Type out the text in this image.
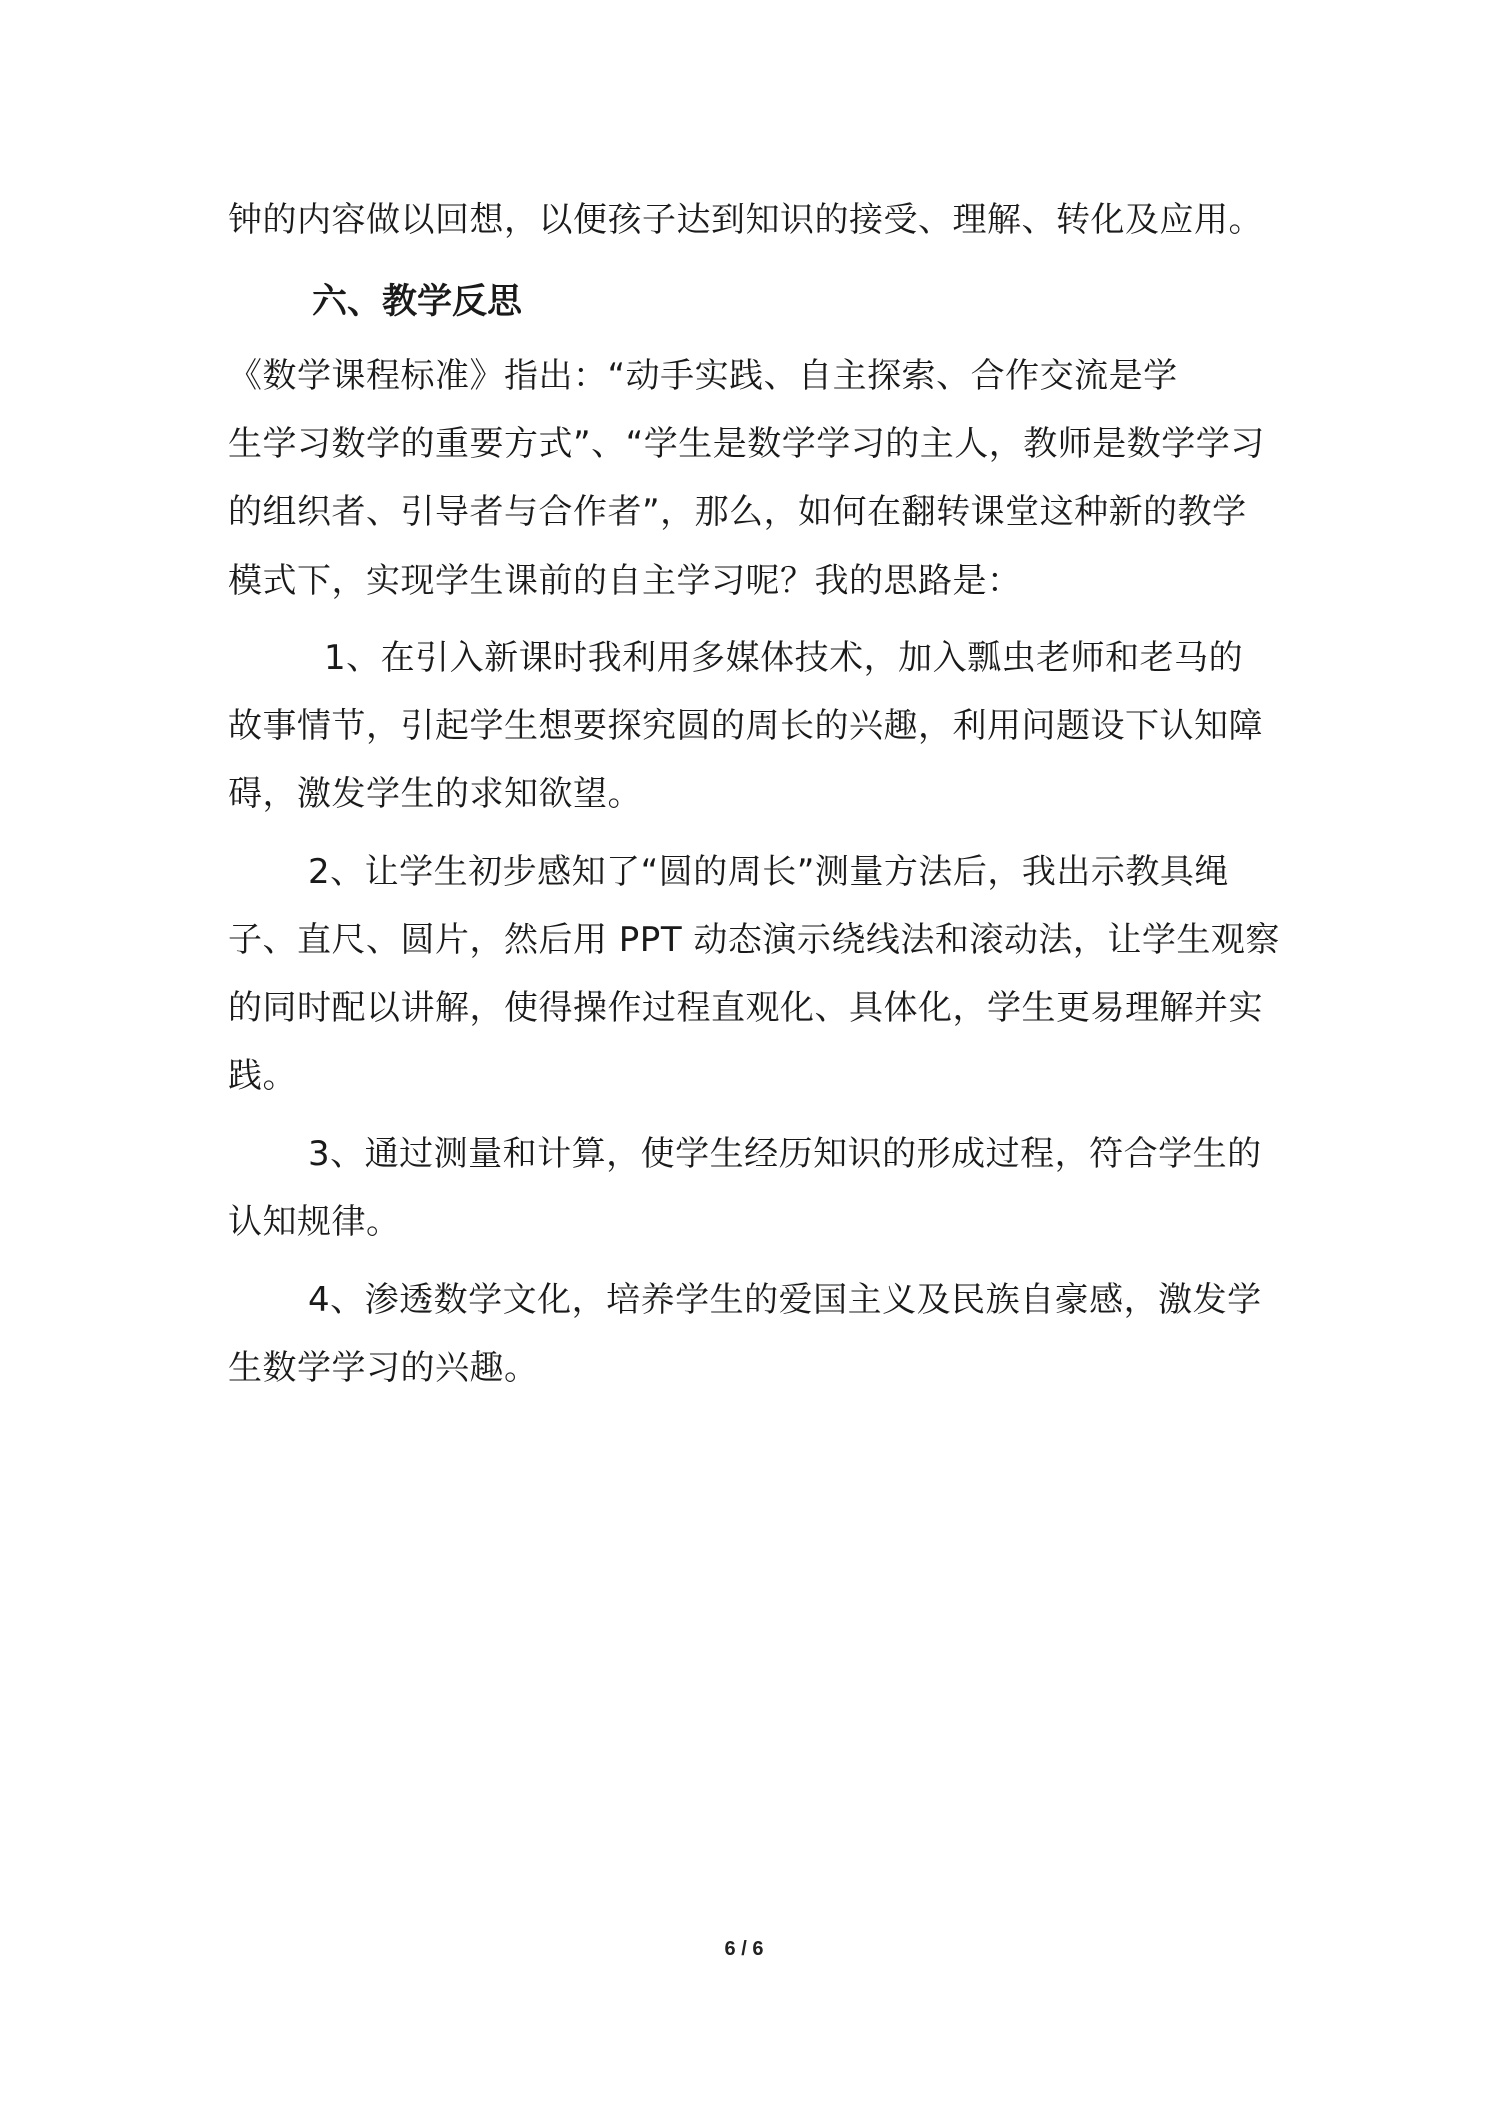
钟的内容做以回想，以便孩子达到知识的接受、理解、转化及应用。
六、教学反思
《数学课程标准》指出：“动手实践、自主探索、合作交流是学
生学习数学的重要方式”、“学生是数学学习的主人，教师是数学学习
的组织者、引导者与合作者”，那么，如何在翻转课堂这种新的教学
模式下，实现学生课前的自主学习呢？我的思路是：
1、在引入新课时我利用多媒体技术，加入瓢虫老师和老马的
故事情节，引起学生想要探究圆的周长的兴趣，利用问题设下认知障
碍，激发学生的求知欲望。
2、让学生初步感知了“圆的周长”测量方法后，我出示教具绳
子、直尺、圆片，然后用 PPT 动态演示绕线法和滚动法，让学生观察
的同时配以讲解，使得操作过程直观化、具体化，学生更易理解并实
践。
3、通过测量和计算，使学生经历知识的形成过程，符合学生的
认知规律。
4、渗透数学文化，培养学生的爱国主义及民族自豪感，激发学
生数学学习的兴趣。
6 / 6
